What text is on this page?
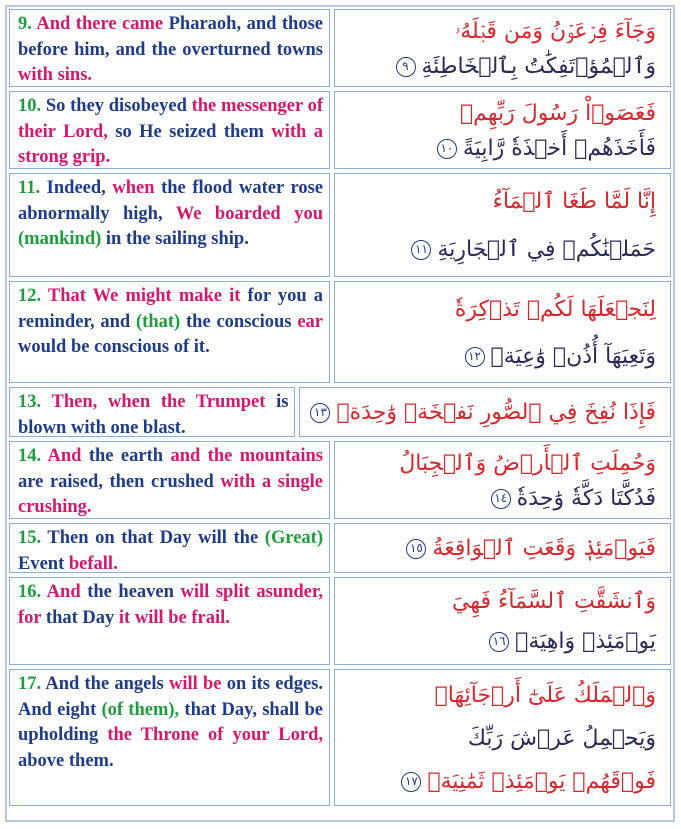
9. And there came Pharaoh, and those before him, and the overturned towns with sins.
وَجَآءَ فِرۡعَوۡنُ وَمَن قَبۡلَهُۥ
وَٱلۡمُؤۡتَفِكَٰتُ بِٱلۡخَاطِئَةِ٩
10. So they disobeyed the messenger of their Lord, so He seized them with a strong grip.
فَعَصَوۡاْ رَسُولَ رَبِّهِمۡ
فَأَخَذَهُمۡ أَخۡذَةٗ رَّابِيَةً١٠
11. Indeed, when the flood water rose abnormally high, We boarded you (mankind) in the sailing ship.
إِنَّا لَمَّا طَغَا ٱلۡمَآءُ
حَمَلۡنَٰكُمۡ فِي ٱلۡجَارِيَةِ١١
12. That We might make it for you a reminder, and (that) the conscious ear would be conscious of it.
لِنَجۡعَلَهَا لَكُمۡ تَذۡكِرَةٗ
وَتَعِيَهَآ أُذُنٞ وَٰعِيَةٞ١٢
13. Then, when the Trumpet is blown with one blast.
فَإِذَا نُفِخَ فِي ٱلصُّورِ نَفۡخَةٞ وَٰحِدَةٞ١٣
14. And the earth and the mountains are raised, then crushed with a single crushing.
وَحُمِلَتِ ٱلۡأَرۡضُ وَٱلۡجِبَالُ
فَدُكَّتَا دَكَّةٗ وَٰحِدَةٗ١٤
15. Then on that Day will the (Great) Event befall.
فَيَوۡمَئِذٖ وَقَعَتِ ٱلۡوَاقِعَةُ١٥
16. And the heaven will split asunder, for that Day it will be frail.
وَٱنشَقَّتِ ٱلسَّمَآءُ فَهِيَ
يَوۡمَئِذٖ وَاهِيَةٞ١٦
17. And the angels will be on its edges. And eight (of them), that Day, shall be upholding the Throne of your Lord, above them.
وَٱلۡمَلَكُ عَلَىٰٓ أَرۡجَآئِهَاۚ
وَيَحۡمِلُ عَرۡشَ رَبِّكَ
فَوۡقَهُمۡ يَوۡمَئِذٖ ثَمَٰنِيَةٞ١٧
